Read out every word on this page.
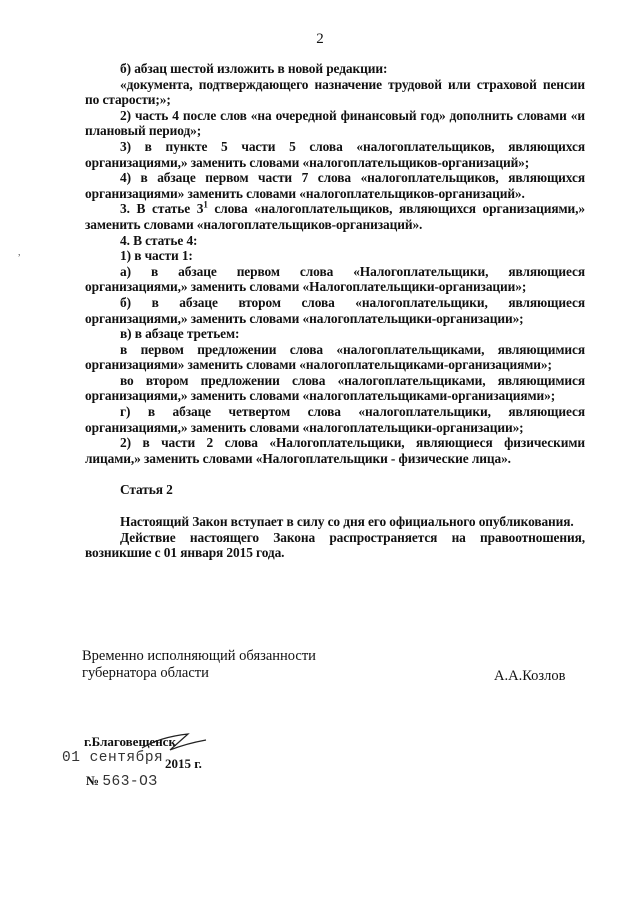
2
,

б) абзац шестой изложить в новой редакции:

«документа, подтверждающего назначение трудовой или страховой пенсии по старости;»;

2) часть 4 после слов «на очередной финансовый год» дополнить словами «и плановый период»;

3) в пункте 5 части 5 слова «налогоплательщиков, являющихся организациями,» заменить словами «налогоплательщиков-организаций»;

4) в абзаце первом части 7 слова «налогоплательщиков, являющихся организациями» заменить словами «налогоплательщиков-организаций».

3. В статье $3^1$ слова «налогоплательщиков, являющихся организациями,» заменить словами «налогоплательщиков-организаций».

4. В статье 4:

1) в части 1:

а) в абзаце первом слова «Налогоплательщики, являющиеся организациями,» заменить словами «Налогоплательщики-организации»;

б) в абзаце втором слова «налогоплательщики, являющиеся организациями,» заменить словами «налогоплательщики-организации»;

в) в абзаце третьем:

в первом предложении слова «налогоплательщиками, являющимися организациями» заменить словами «налогоплательщиками-организациями»;

во втором предложении слова «налогоплательщиками, являющимися организациями,» заменить словами «налогоплательщиками-организациями»;

г) в абзаце четвертом слова «налогоплательщики, являющиеся организациями,» заменить словами «налогоплательщики-организации»;

2) в части 2 слова «Налогоплательщики, являющиеся физическими лицами,» заменить словами «Налогоплательщики - физические лица».

Статья 2

Настоящий Закон вступает в силу со дня его официального опубликования.

Действие настоящего Закона распространяется на правоотношения, возникшие с 01 января 2015 года.

Временно исполняющий обязанности
губернатора области	А.А.Козлов
г.Благовещенск
01 сентября 2015 г.
№ 563-ОЗ
